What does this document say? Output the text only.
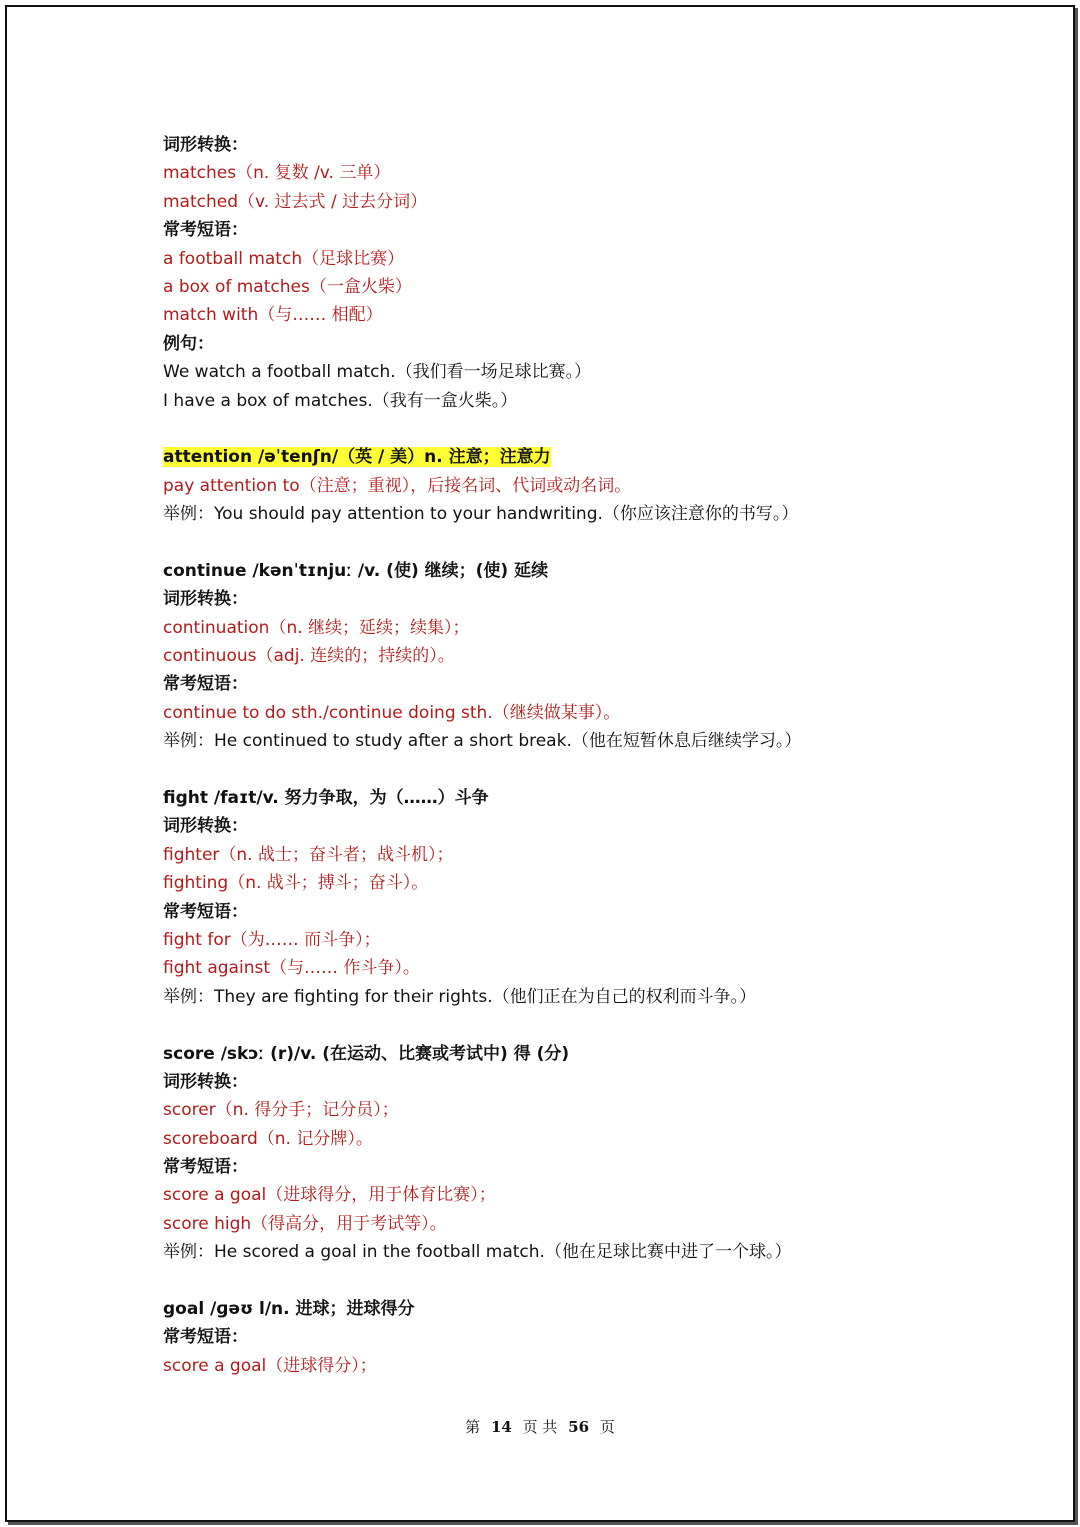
词形转换：
matches（n. 复数 /v. 三单）
matched（v. 过去式 / 过去分词）
常考短语：
a football match（足球比赛）
a box of matches（一盒火柴）
match with（与…… 相配）
例句：
We watch a football match.（我们看一场足球比赛。）
I have a box of matches.（我有一盒火柴。）
attention /əˈtenʃn/（英 / 美）n. 注意；注意力
pay attention to（注意；重视），后接名词、代词或动名词。
举例：You should pay attention to your handwriting.（你应该注意你的书写。）
continue /kənˈtɪnjuː /v. (使) 继续；(使) 延续
词形转换：
continuation（n. 继续；延续；续集）；
continuous（adj. 连续的；持续的）。
常考短语：
continue to do sth./continue doing sth.（继续做某事）。
举例：He continued to study after a short break.（他在短暂休息后继续学习。）
fight /faɪt/v. 努力争取，为（……）斗争
词形转换：
fighter（n. 战士；奋斗者；战斗机）；
fighting（n. 战斗；搏斗；奋斗）。
常考短语：
fight for（为…… 而斗争）；
fight against（与…… 作斗争）。
举例：They are fighting for their rights.（他们正在为自己的权利而斗争。）
score /skɔː (r)/v. (在运动、比赛或考试中) 得 (分)
词形转换：
scorer（n. 得分手；记分员）；
scoreboard（n. 记分牌）。
常考短语：
score a goal（进球得分，用于体育比赛）；
score high（得高分，用于考试等）。
举例：He scored a goal in the football match.（他在足球比赛中进了一个球。）
goal /ɡəʊ l/n. 进球；进球得分
常考短语：
score a goal（进球得分）；
第 14 页 共 56 页
